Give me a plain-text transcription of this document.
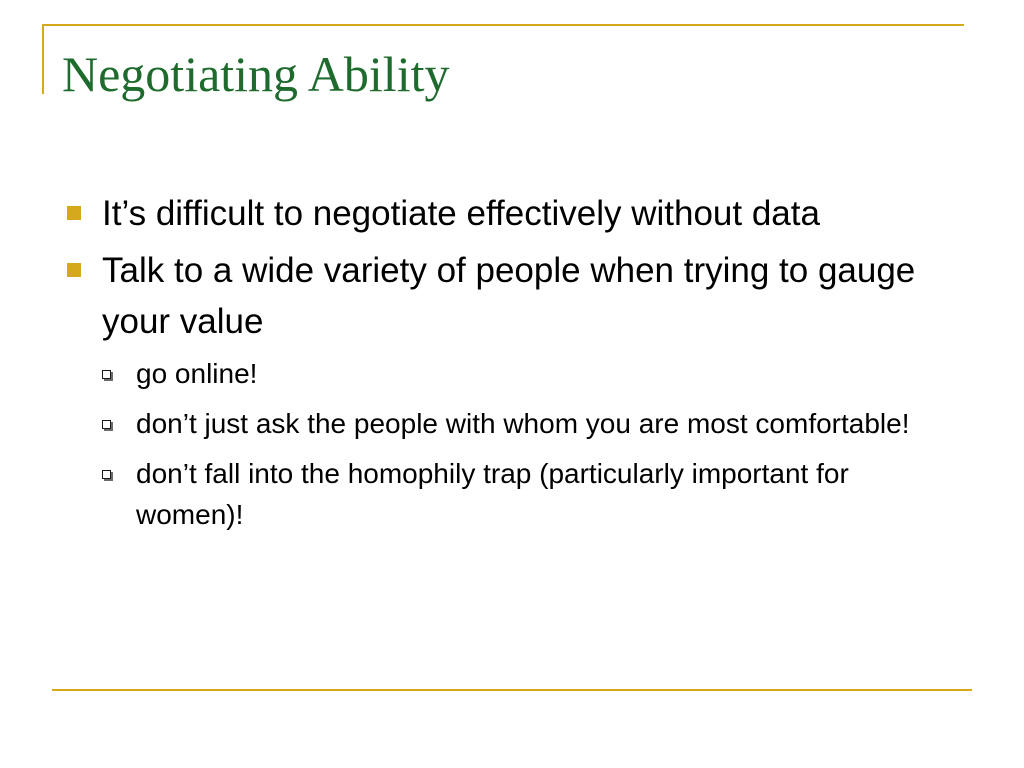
Negotiating Ability
It’s difficult to negotiate effectively without data
Talk to a wide variety of people when trying to gauge your value
go online!
don’t just ask the people with whom you are most comfortable!
don’t fall into the homophily trap (particularly important for women)!
